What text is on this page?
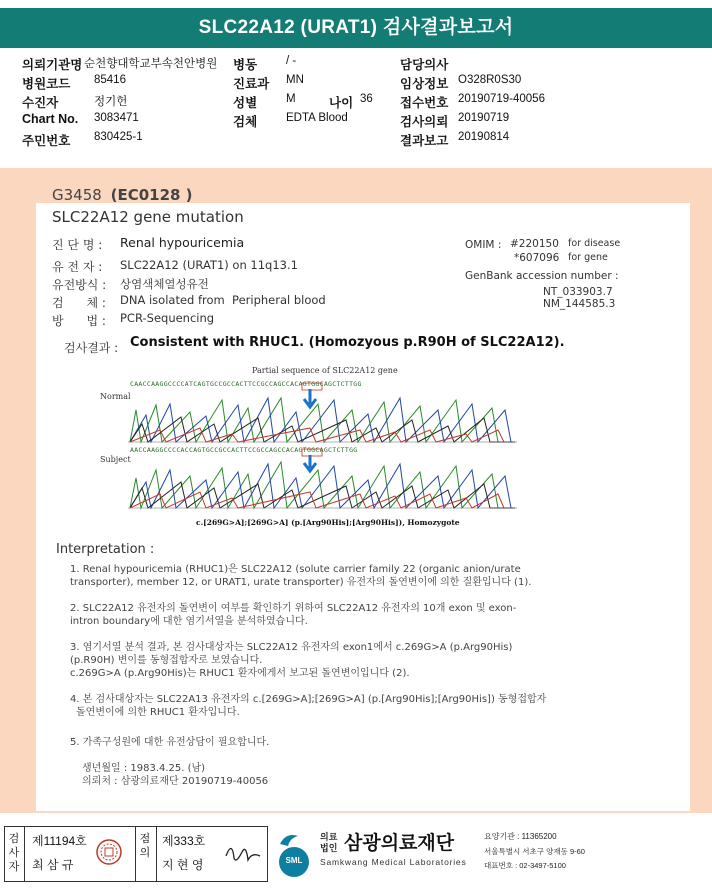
SLC22A12 (URAT1) 검사결과보고서
의뢰기관명 순천향대학교부속천안병원 병동	/ -	담당의사
병원코드 85416	진료과 MN	임상정보 O328R0S30
수진자	정기헌	성별	M	나이 36 접수번호 20190719-40056
Chart No. 3083471	검체	EDTA Blood	검사의뢰 20190719
주민번호 830425-1	결과보고 20190814
G3458 (EC0128 )
SLC22A12 gene mutation
진 단 명 : Renal hypouricemia
유 전 자 : SLC22A12 (URAT1) on 11q13.1
유전방식 : 상염색체열성유전
검      체 : DNA isolated from  Peripheral blood
방      법 : PCR-Sequencing
OMIM : #220150 for disease
*607096 for gene
GenBank accession number :
NT_033903.7
NM_144585.3
검사결과 : Consistent with RHUC1. (Homozyous p.R90H of SLC22A12).
Partial sequence of SLC22A12 gene
CAACCAAGGCCCCATCAGTGCCGCCACTTCCGCCAGCCACAGTGGCAGCTCTTGG
Normal
AACCAAGGCCCCACCAGTGCCGCCACTTCCGCCAGCCACAGTGGCAGCTCTTGG
Subject
c.[269G>A];[269G>A] (p.[Arg90His];[Arg90His]), Homozygote
Interpretation :
1. Renal hypouricemia (RHUC1)은 SLC22A12 (solute carrier family 22 (organic anion/urate
transporter), member 12, or URAT1, urate transporter) 유전자의 돌연변이에 의한 질환입니다 (1).
2. SLC22A12 유전자의 돌연변이 여부를 확인하기 위하여 SLC22A12 유전자의 10개 exon 및 exon-
intron boundary에 대한 염기서열을 분석하였습니다.
3. 염기서열 분석 결과, 본 검사대상자는 SLC22A12 유전자의 exon1에서 c.269G>A (p.Arg90His)
(p.R90H) 변이를 동형접합자로 보였습니다.
c.269G>A (p.Arg90His)는 RHUC1 환자에게서 보고된 돌연변이입니다 (2).
4. 본 검사대상자는 SLC22A13 유전자의 c.[269G>A];[269G>A] (p.[Arg90His];[Arg90His]) 동형접합자
돌연변이에 의한 RHUC1 환자입니다.
5. 가족구성원에 대한 유전상담이 필요합니다.
생년월일 : 1983.4.25. (남)
의뢰처 : 삼광의료재단 20190719-40056
검사자
제11194호
최 삼 규
점의
제333호
지 현 영	SML
의료
법인 삼광의료재단
Samkwang Medical Laboratories
요양기관 : 11365200
서울특별시 서초구 양재동 9-60
대표번호 : 02-3497-5100
